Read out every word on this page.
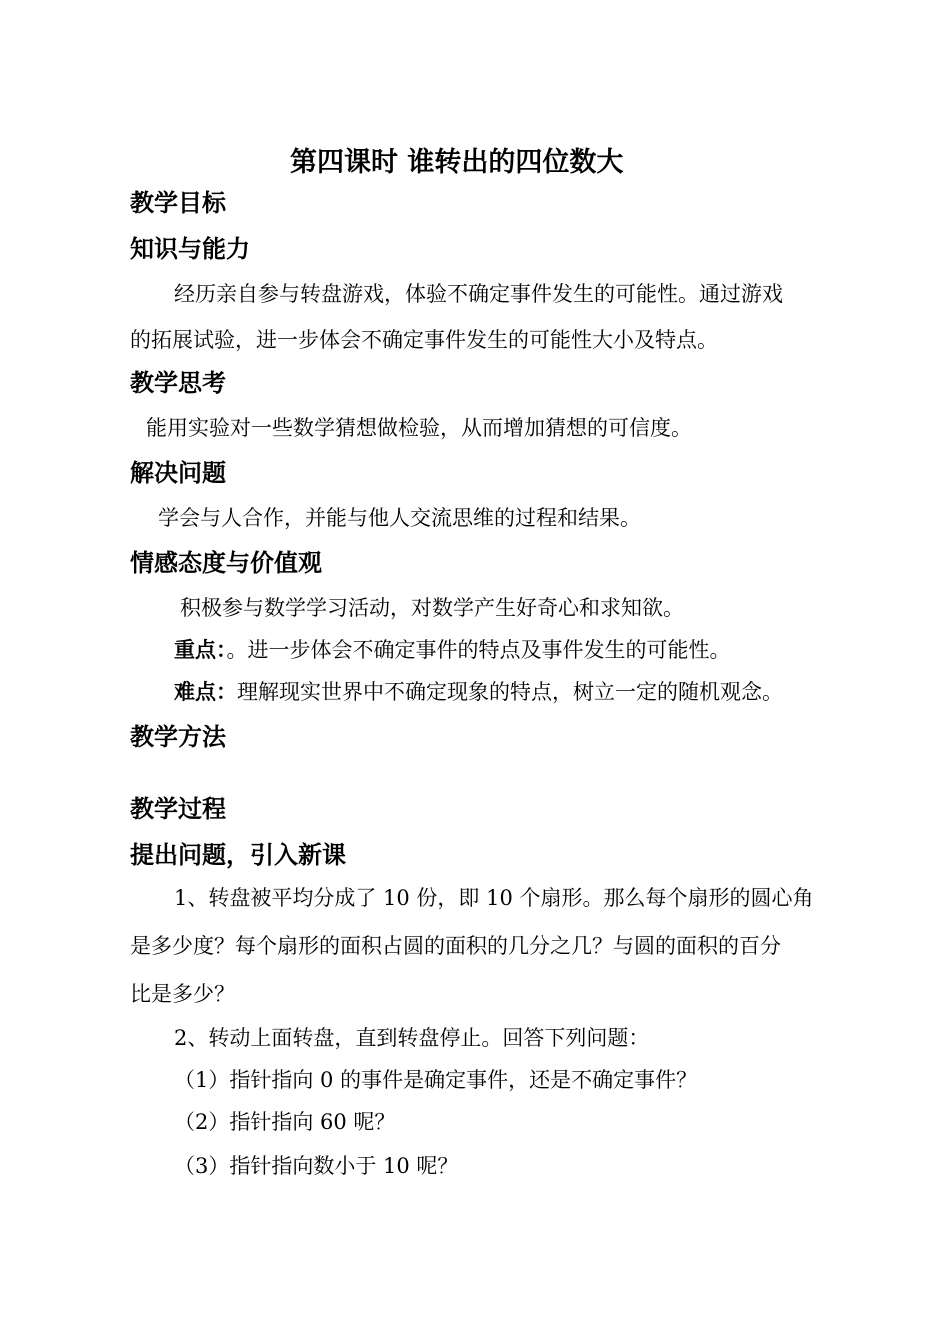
第四课时 谁转出的四位数大
教学目标
知识与能力
经历亲自参与转盘游戏，体验不确定事件发生的可能性。通过游戏
的拓展试验，进一步体会不确定事件发生的可能性大小及特点。
教学思考
能用实验对一些数学猜想做检验，从而增加猜想的可信度。
解决问题
学会与人合作，并能与他人交流思维的过程和结果。
情感态度与价值观
积极参与数学学习活动，对数学产生好奇心和求知欲。
重点：。进一步体会不确定事件的特点及事件发生的可能性。
难点：理解现实世界中不确定现象的特点，树立一定的随机观念。
教学方法
教学过程
提出问题，引入新课
1、转盘被平均分成了 10 份，即 10 个扇形。那么每个扇形的圆心角
是多少度？每个扇形的面积占圆的面积的几分之几？与圆的面积的百分
比是多少？
2、转动上面转盘，直到转盘停止。回答下列问题：
（1）指针指向 0 的事件是确定事件，还是不确定事件？
（2）指针指向 60 呢？
（3）指针指向数小于 10 呢？
